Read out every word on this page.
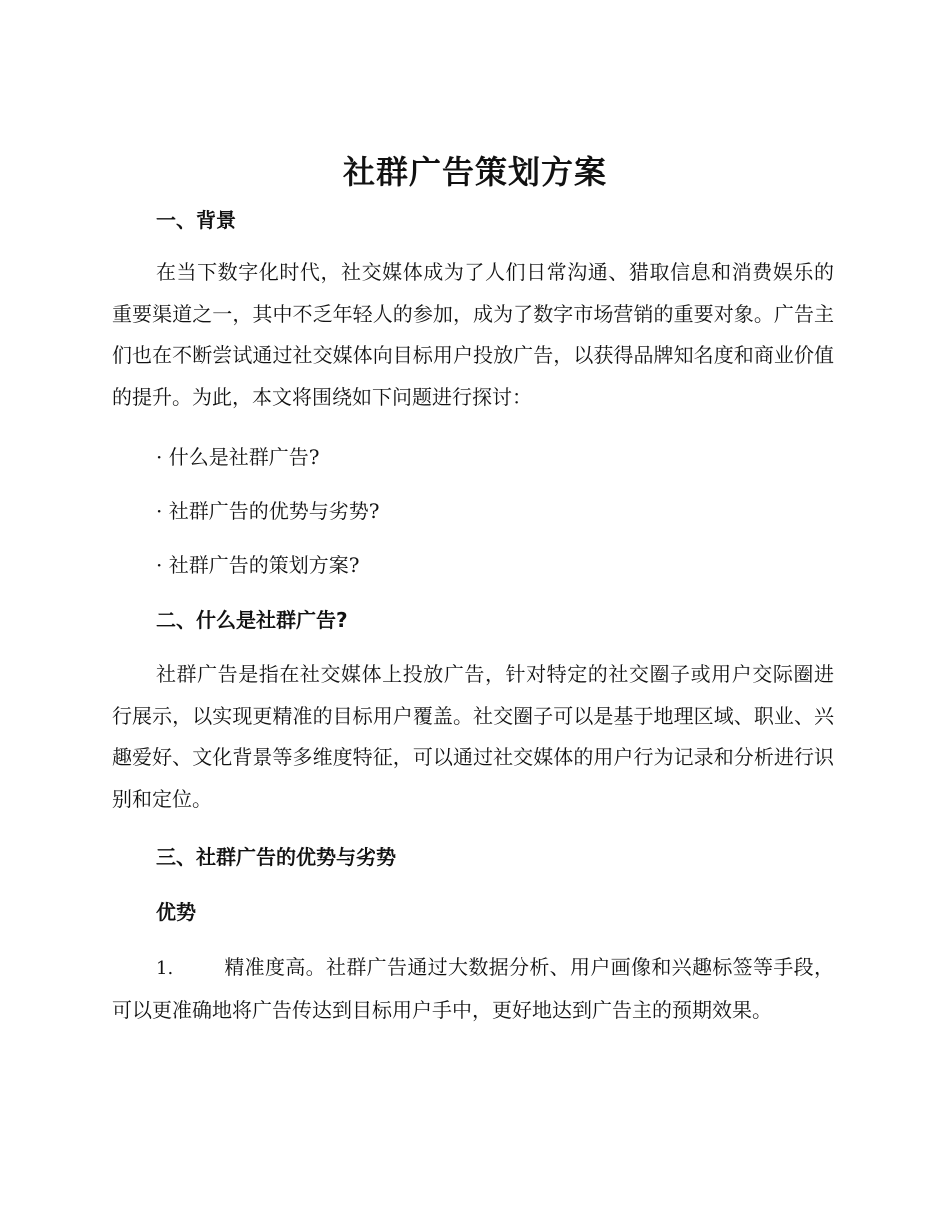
社群广告策划方案
一、背景

在当下数字化时代，社交媒体成为了人们日常沟通、猎取信息和消费娱乐的重要渠道之一，其中不乏年轻人的参加，成为了数字市场营销的重要对象。广告主们也在不断尝试通过社交媒体向目标用户投放广告，以获得品牌知名度和商业价值的提升。为此，本文将围绕如下问题进行探讨：

· 什么是社群广告?

· 社群广告的优势与劣势?

· 社群广告的策划方案?

二、什么是社群广告?

社群广告是指在社交媒体上投放广告，针对特定的社交圈子或用户交际圈进行展示，以实现更精准的目标用户覆盖。社交圈子可以是基于地理区域、职业、兴趣爱好、文化背景等多维度特征，可以通过社交媒体的用户行为记录和分析进行识别和定位。

三、社群广告的优势与劣势
优势

1.	精准度高。社群广告通过大数据分析、用户画像和兴趣标签等手段，可以更准确地将广告传达到目标用户手中，更好地达到广告主的预期效果。
